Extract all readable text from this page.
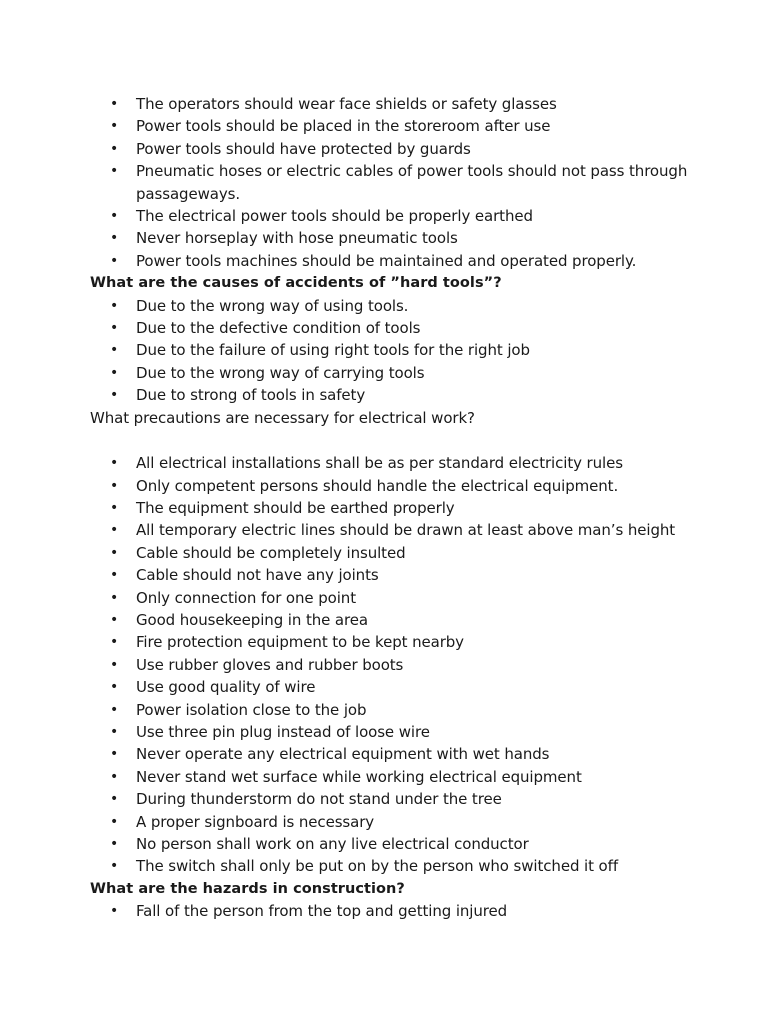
• The operators should wear face shields or safety glasses
• Power tools should be placed in the storeroom after use
• Power tools should have protected by guards
• Pneumatic hoses or electric cables of power tools should not pass through passageways.
• The electrical power tools should be properly earthed
• Never horseplay with hose pneumatic tools
• Power tools machines should be maintained and operated properly.

What are the causes of accidents of ”hard tools”?

• Due to the wrong way of using tools.
• Due to the defective condition of tools
• Due to the failure of using right tools for the right job
• Due to the wrong way of carrying tools
• Due to strong of tools in safety

What precautions are necessary for electrical work?

• All electrical installations shall be as per standard electricity rules
• Only competent persons should handle the electrical equipment.
• The equipment should be earthed properly
• All temporary electric lines should be drawn at least above man’s height
• Cable should be completely insulted
• Cable should not have any joints
• Only connection for one point
• Good housekeeping in the area
• Fire protection equipment to be kept nearby
• Use rubber gloves and rubber boots
• Use good quality of wire
• Power isolation close to the job
• Use three pin plug instead of loose wire
• Never operate any electrical equipment with wet hands
• Never stand wet surface while working electrical equipment
• During thunderstorm do not stand under the tree
• A proper signboard is necessary
• No person shall work on any live electrical conductor
• The switch shall only be put on by the person who switched it off

What are the hazards in construction?

• Fall of the person from the top and getting injured
